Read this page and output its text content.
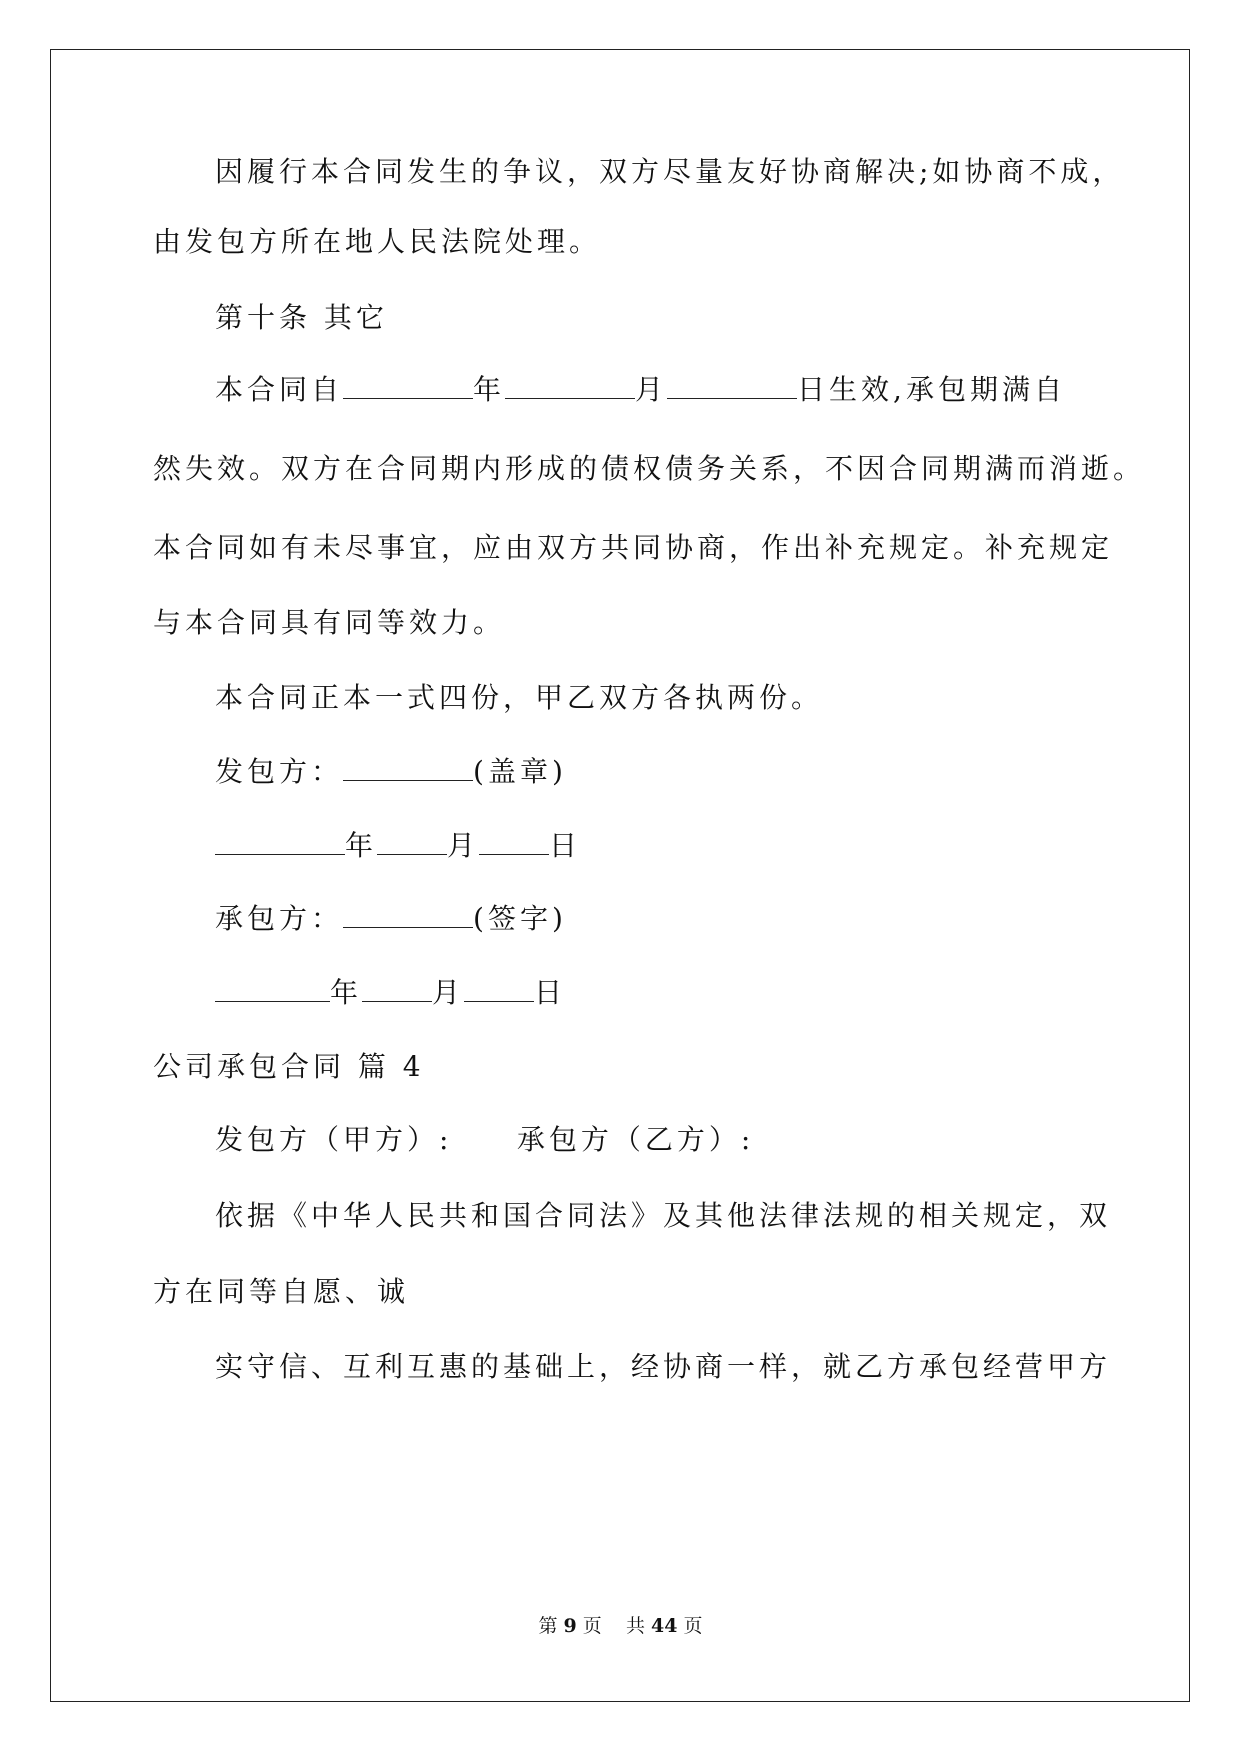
因履行本合同发生的争议，双方尽量友好协商解决;如协商不成，
由发包方所在地人民法院处理。
第十条 其它
本合同自	年	月	日生效,承包期满自
然失效。双方在合同期内形成的债权债务关系，不因合同期满而消逝。
本合同如有未尽事宜，应由双方共同协商，作出补充规定。补充规定
与本合同具有同等效力。
本合同正本一式四份，甲乙双方各执两份。
发包方：	(盖章)
年	月	日
承包方：	(签字)
年	月	日
公司承包合同 篇 4
发包方（甲方）:     承包方（乙方）:
依据《中华人民共和国合同法》及其他法律法规的相关规定，双
方在同等自愿、诚
实守信、互利互惠的基础上，经协商一样，就乙方承包经营甲方
第 9 页 共 44 页
